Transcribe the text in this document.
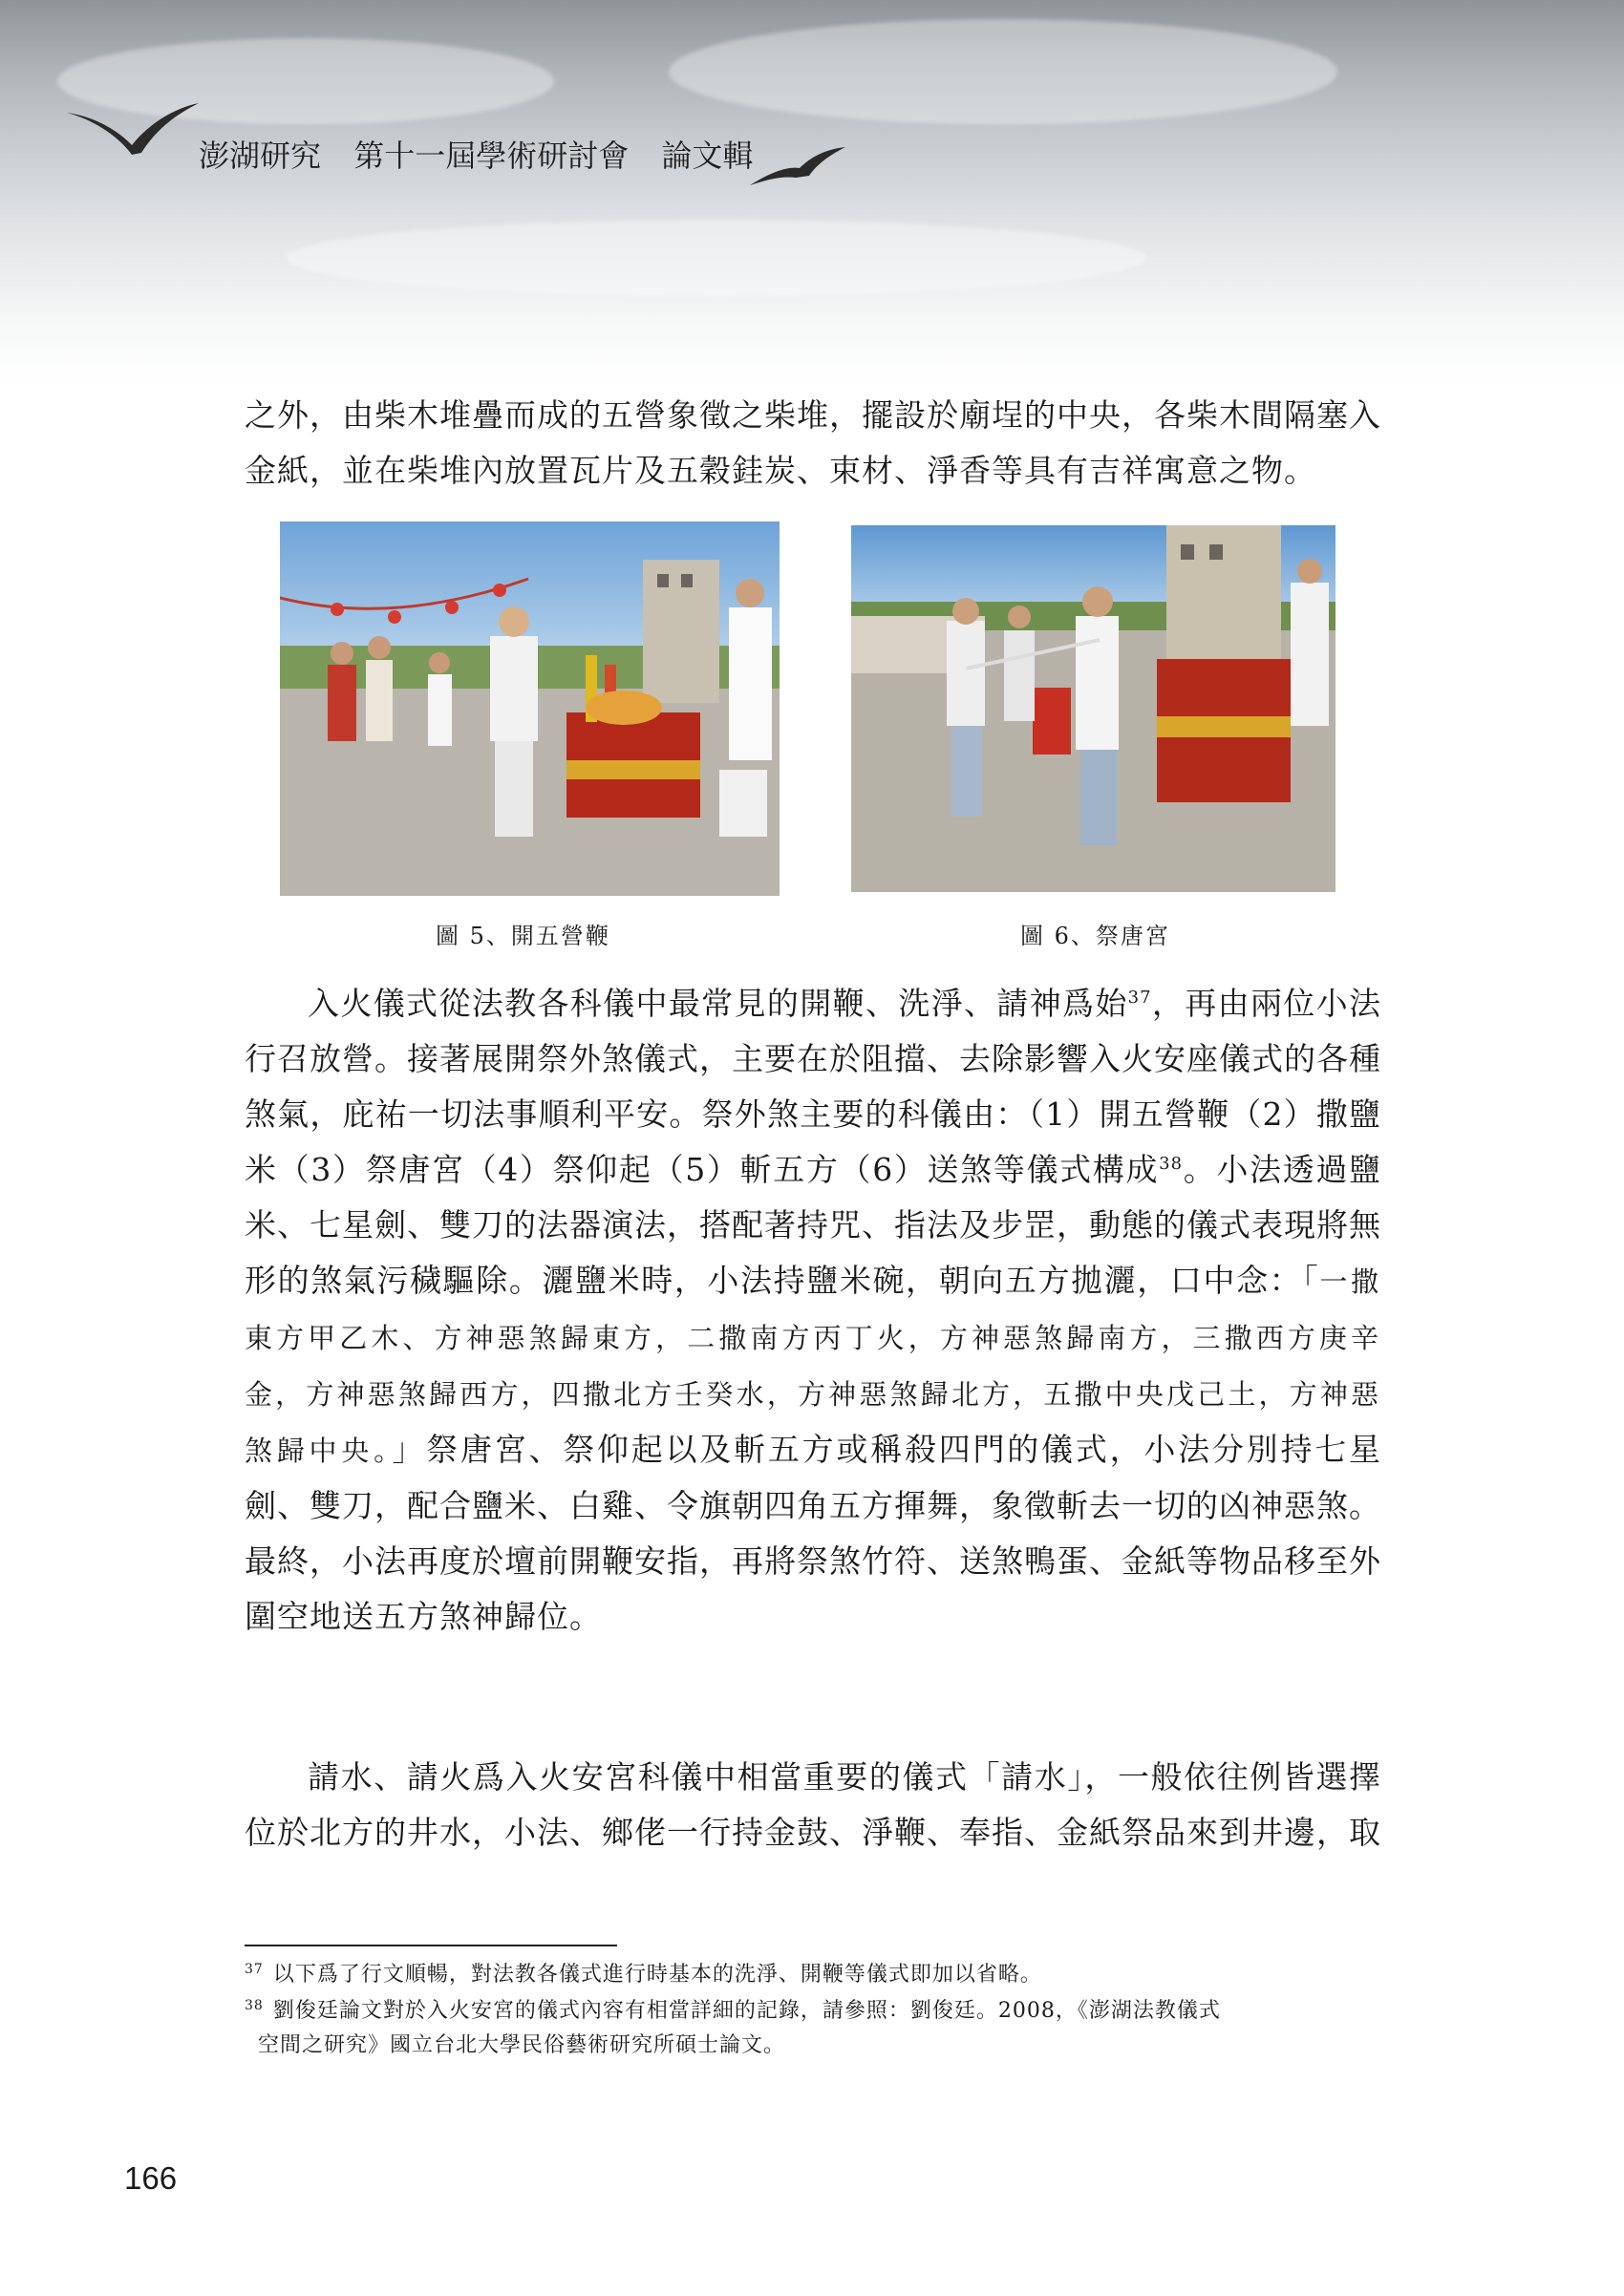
澎湖研究 第十一屆學術研討會 論文輯

之外，由柴木堆疊而成的五營象徵之柴堆，擺設於廟埕的中央，各柴木間隔塞入金紙，並在柴堆內放置瓦片及五穀銈炭、束材、淨香等具有吉祥寓意之物。

圖 5、開五營鞭	圖 6、祭唐宮

入火儀式從法教各科儀中最常見的開鞭、洗淨、請神爲始$^{37}$，再由兩位小法行召放營。接著展開祭外煞儀式，主要在於阻擋、去除影響入火安座儀式的各種煞氣，庇祐一切法事順利平安。祭外煞主要的科儀由：（1）開五營鞭（2）撒鹽米（3）祭唐宮（4）祭仰起（5）斬五方（6）送煞等儀式構成$^{38}$。小法透過鹽米、七星劍、雙刀的法器演法，搭配著持咒、指法及步罡，動態的儀式表現將無形的煞氣污穢驅除。灑鹽米時，小法持鹽米碗，朝向五方拋灑，口中念：「一撒東方甲乙木、方神惡煞歸東方，二撒南方丙丁火，方神惡煞歸南方，三撒西方庚辛金，方神惡煞歸西方，四撒北方壬癸水，方神惡煞歸北方，五撒中央戊己土，方神惡煞歸中央。」祭唐宮、祭仰起以及斬五方或稱殺四門的儀式，小法分別持七星劍、雙刀，配合鹽米、白雞、令旗朝四角五方揮舞，象徵斬去一切的凶神惡煞。最終，小法再度於壇前開鞭安指，再將祭煞竹符、送煞鴨蛋、金紙等物品移至外圍空地送五方煞神歸位。

請水、請火爲入火安宮科儀中相當重要的儀式「請水」，一般依往例皆選擇位於北方的井水，小法、鄉佬一行持金鼓、淨鞭、奉指、金紙祭品來到井邊，取

$^{37}$ 以下爲了行文順暢，對法教各儀式進行時基本的洗淨、開鞭等儀式即加以省略。
$^{38}$ 劉俊廷論文對於入火安宮的儀式內容有相當詳細的記錄，請參照：劉俊廷。2008，《澎湖法教儀式
空間之研究》國立台北大學民俗藝術研究所碩士論文。
166
